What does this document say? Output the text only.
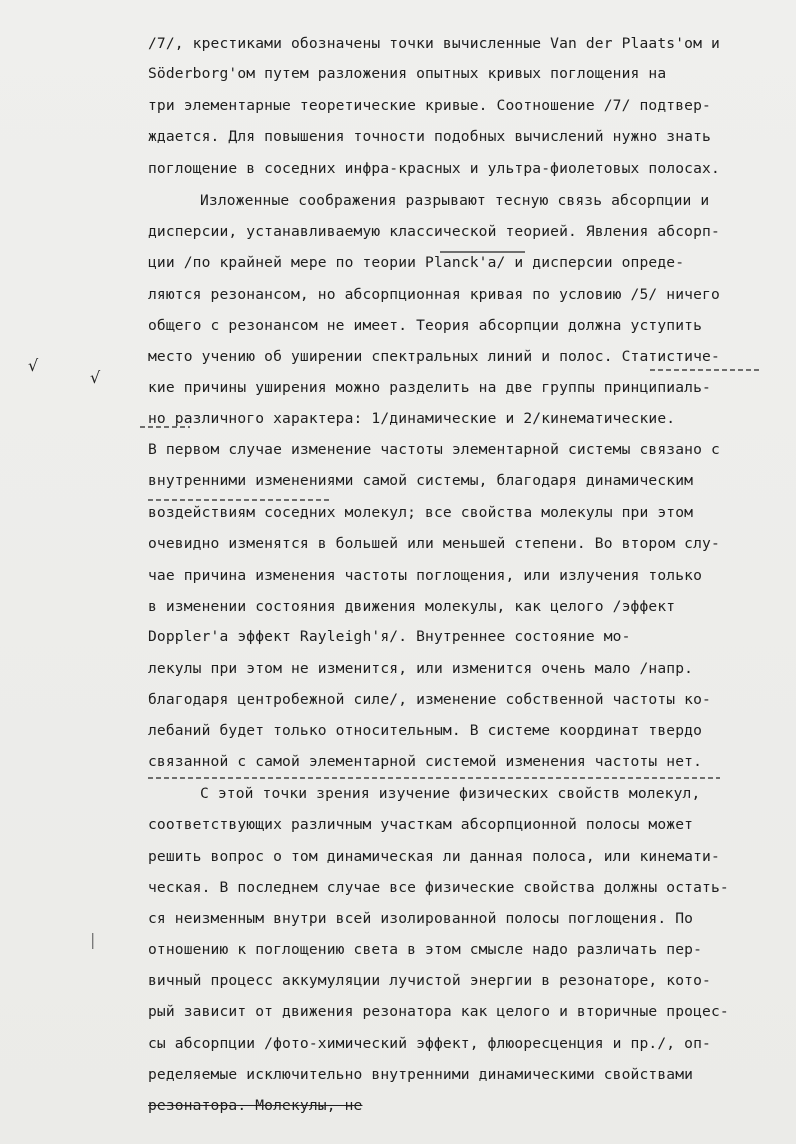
/7/, крестиками обозначены точки вычисленные Van der Plaats'ом и
Söderborg'ом путем разложения опытных кривых поглощения на
три элементарные теоретические кривые. Соотношение /7/ подтвер-
ждается. Для повышения точности подобных вычислений нужно знать
поглощение в соседних инфра-красных и ультра-фиолетовых полосах.
Изложенные соображения разрывают тесную связь абсорпции и
дисперсии, устанавливаемую классической теорией. Явления абсорп-
ции /по крайней мере по теории Planck'а/ и дисперсии опреде-
ляются резонансом, но абсорпционная кривая по условию /5/ ничего
общего с резонансом не имеет. Теория абсорпции должна уступить
место учению об уширении спектральных линий и полос. Статистиче-
кие причины уширения можно разделить на две группы принципиаль-
но различного характера: 1/динамические и 2/кинематические.
В первом случае изменение частоты элементарной системы связано с
внутренними изменениями самой системы, благодаря динамическим
воздействиям соседних молекул; все свойства молекулы при этом
очевидно изменятся в большей или меньшей степени. Во втором слу-
чае причина изменения частоты поглощения, или излучения только
в изменении состояния движения молекулы, как целого /эффект
Doppler'а эффект Rayleigh'я/. Внутреннее состояние мо-
лекулы при этом не изменится, или изменится очень мало /напр.
благодаря центробежной силе/, изменение собственной частоты ко-
лебаний будет только относительным. В системе координат твердо
связанной с самой элементарной системой изменения частоты нет.
С этой точки зрения изучение физических свойств молекул,
соответствующих различным участкам абсорпционной полосы может
решить вопрос о том динамическая ли данная полоса, или кинемати-
ческая. В последнем случае все физические свойства должны остать-
ся неизменным внутри всей изолированной полосы поглощения. По
отношению к поглощению света в этом смысле надо различать пер-
вичный процесс аккумуляции лучистой энергии в резонаторе, кото-
рый зависит от движения резонатора как целого и вторичные процес-
сы абсорпции /фото-химический эффект, флюоресценция и пр./, оп-
ределяемые исключительно внутренними динамическими свойствами
резонатора. Молекулы, не
√
√
|
